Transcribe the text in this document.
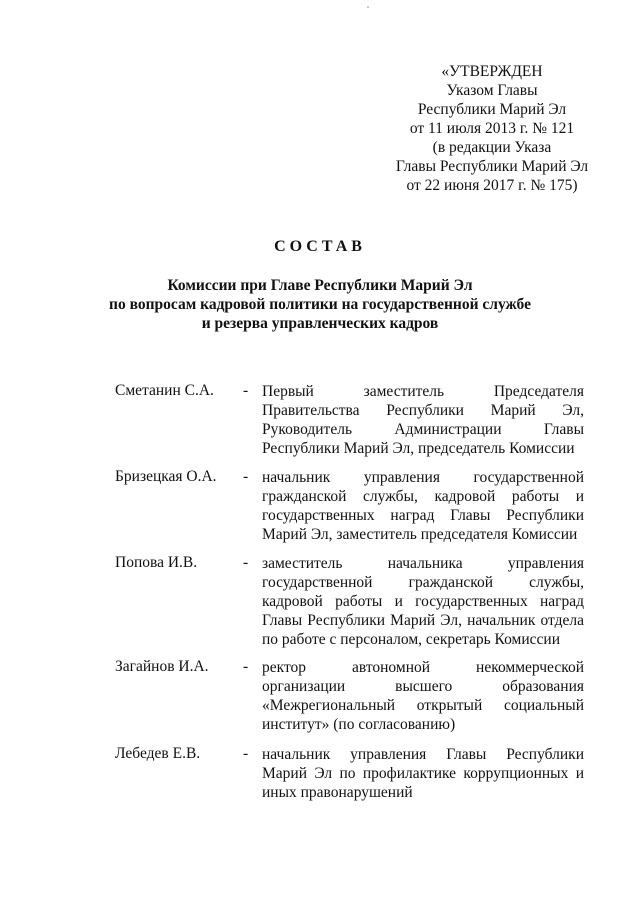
«УТВЕРЖДЕН
Указом Главы
Республики Марий Эл
от 11 июля 2013 г. № 121
(в редакции Указа
Главы Республики Марий Эл
от 22 июня 2017 г. № 175)
СОСТАВ
Комиссии при Главе Республики Марий Эл
по вопросам кадровой политики на государственной службе
и резерва управленческих кадров
Сметанин С.А. - Первый заместитель Председателя Правительства Республики Марий Эл, Руководитель Администрации Главы Республики Марий Эл, председатель Комиссии
Бризецкая О.А. - начальник управления государственной гражданской службы, кадровой работы и государственных наград Главы Республики Марий Эл, заместитель председателя Комиссии
Попова И.В.	- заместитель начальника управления государственной гражданской службы, кадровой работы и государственных наград Главы Республики Марий Эл, начальник отдела по работе с персоналом, секретарь Комиссии
Загайнов И.А. - ректор автономной некоммерческой организации высшего образования «Межрегиональный открытый социальный институт» (по согласованию)
Лебедев Е.В.	- начальник управления Главы Республики Марий Эл по профилактике коррупционных и иных правонарушений
